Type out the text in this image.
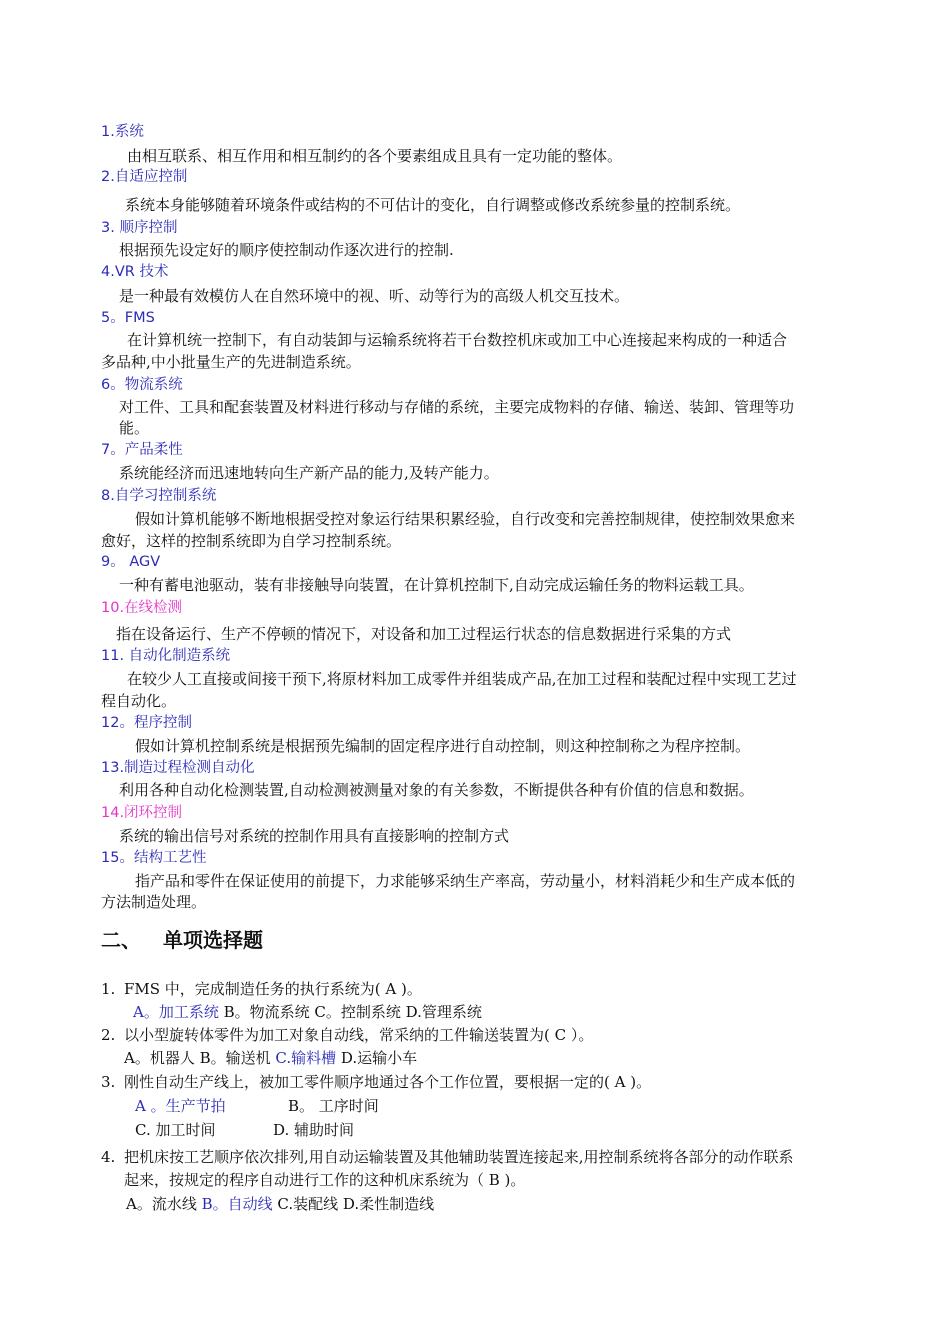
1.系统
由相互联系、相互作用和相互制约的各个要素组成且具有一定功能的整体。
2.自适应控制
系统本身能够随着环境条件或结构的不可估计的变化，自行调整或修改系统参量的控制系统。
3. 顺序控制
根据预先设定好的顺序使控制动作逐次进行的控制.
4.VR 技术
是一种最有效模仿人在自然环境中的视、听、动等行为的高级人机交互技术。
5。FMS
在计算机统一控制下，有自动装卸与运输系统将若干台数控机床或加工中心连接起来构成的一种适合
多品种,中小批量生产的先进制造系统。
6。物流系统
对工件、工具和配套装置及材料进行移动与存储的系统，主要完成物料的存储、输送、装卸、管理等功
能。
7。产品柔性
系统能经济而迅速地转向生产新产品的能力,及转产能力。
8.自学习控制系统
假如计算机能够不断地根据受控对象运行结果积累经验，自行改变和完善控制规律，使控制效果愈来
愈好，这样的控制系统即为自学习控制系统。
9。 AGV
一种有蓄电池驱动，装有非接触导向装置，在计算机控制下,自动完成运输任务的物料运载工具。
10.在线检测
指在设备运行、生产不停顿的情况下，对设备和加工过程运行状态的信息数据进行采集的方式
11. 自动化制造系统
在较少人工直接或间接干预下,将原材料加工成零件并组装成产品,在加工过程和装配过程中实现工艺过
程自动化。
12。程序控制
假如计算机控制系统是根据预先编制的固定程序进行自动控制，则这种控制称之为程序控制。
13.制造过程检测自动化
利用各种自动化检测装置,自动检测被测量对象的有关参数，不断提供各种有价值的信息和数据。
14.闭环控制
系统的输出信号对系统的控制作用具有直接影响的控制方式
15。结构工艺性
指产品和零件在保证使用的前提下，力求能够采纳生产率高，劳动量小，材料消耗少和生产成本低的
方法制造处理。
二、 单项选择题
1. FMS 中，完成制造任务的执行系统为( A )。
A。加工系统 B。物流系统 C。控制系统 D.管理系统
2. 以小型旋转体零件为加工对象自动线，常采纳的工件输送装置为( C ）。
A。机器人 B。输送机 C.输料槽 D.运输小车
3. 刚性自动生产线上，被加工零件顺序地通过各个工作位置，要根据一定的( A )。
A 。生产节拍	B。 工序时间
C. 加工时间	D. 辅助时间
4. 把机床按工艺顺序依次排列,用自动运输装置及其他辅助装置连接起来,用控制系统将各部分的动作联系
起来，按规定的程序自动进行工作的这种机床系统为（ B )。
A。流水线 B。自动线 C.装配线 D.柔性制造线
